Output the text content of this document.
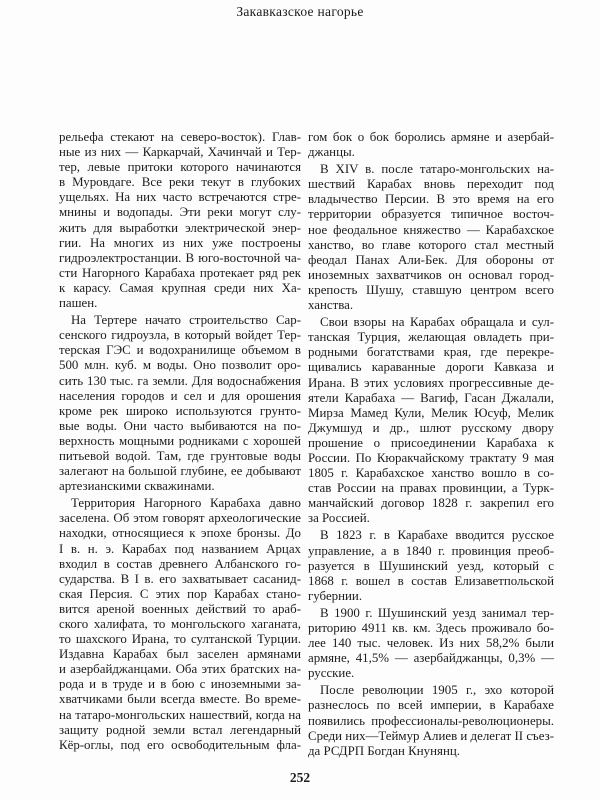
Закавказское нагорье
рельефа стекают на северо-восток). Глав-
ные из них — Каркарчай, Хачинчай и Тер-
тер, левые притоки которого начинаются
в Муровдаге. Все реки текут в глубоких
ущельях. На них часто встречаются стре-
мнины и водопады. Эти реки могут слу-
жить для выработки электрической энер-
гии. На многих из них уже построены
гидроэлектростанции. В юго-восточной ча-
сти Нагорного Карабаха протекает ряд рек
к карасу. Самая крупная среди них Ха-
пашен.
На Тертере начато строительство Сар-
сенского гидроузла, в который войдет Тер-
терская ГЭС и водохранилище объемом в
500 млн. куб. м воды. Оно позволит оро-
сить 130 тыс. га земли. Для водоснабжения
населения городов и сел и для орошения
кроме рек широко используются грунто-
вые воды. Они часто выбиваются на по-
верхность мощными родниками с хорошей
питьевой водой. Там, где грунтовые воды
залегают на большой глубине, ее добывают
артезианскими скважинами.
Территория Нагорного Карабаха давно
заселена. Об этом говорят археологические
находки, относящиеся к эпохе бронзы. До
I в. н. э. Карабах под названием Арцах
входил в состав древнего Албанского го-
сударства. В I в. его захватывает сасанид-
ская Персия. С этих пор Карабах стано-
вится ареной военных действий то араб-
ского халифата, то монгольского хаганата,
то шахского Ирана, то султанской Турции.
Издавна Карабах был заселен армянами
и азербайджанцами. Оба этих братских на-
рода и в труде и в бою с иноземными за-
хватчиками были всегда вместе. Во време-
на татаро-монгольских нашествий, когда на
защиту родной земли встал легендарный
Кёр-оглы, под его освободительным фла-
гом бок о бок боролись армяне и азербай-
джанцы.
В XIV в. после татаро-монгольских на-
шествий Карабах вновь переходит под
владычество Персии. В это время на его
территории образуется типичное восточ-
ное феодальное княжество — Карабахское
ханство, во главе которого стал местный
феодал Панах Али-Бек. Для обороны от
иноземных захватчиков он основал город-
крепость Шушу, ставшую центром всего
ханства.
Свои взоры на Карабах обращала и сул-
танская Турция, желающая овладеть при-
родными богатствами края, где перекре-
щивались караванные дороги Кавказа и
Ирана. В этих условиях прогрессивные де-
ятели Карабаха — Вагиф, Гасан Джалали,
Мирза Мамед Кули, Мелик Юсуф, Мелик
Джумшуд и др., шлют русскому двору
прошение о присоединении Карабаха к
России. По Кюракчайскому трактату 9 мая
1805 г. Карабахское ханство вошло в со-
став России на правах провинции, а Турк-
манчайский договор 1828 г. закрепил его
за Россией.
В 1823 г. в Карабахе вводится русское
управление, а в 1840 г. провинция преоб-
разуется в Шушинский уезд, который с
1868 г. вошел в состав Елизаветпольской
губернии.
В 1900 г. Шушинский уезд занимал тер-
риторию 4911 кв. км. Здесь проживало бо-
лее 140 тыс. человек. Из них 58,2% были
армяне, 41,5% — азербайджанцы, 0,3% —
русские.
После революции 1905 г., эхо которой
разнеслось по всей империи, в Карабахе
появились профессионалы-революционеры.
Среди них—Теймур Алиев и делегат II съез-
да РСДРП Богдан Кнунянц.
252
